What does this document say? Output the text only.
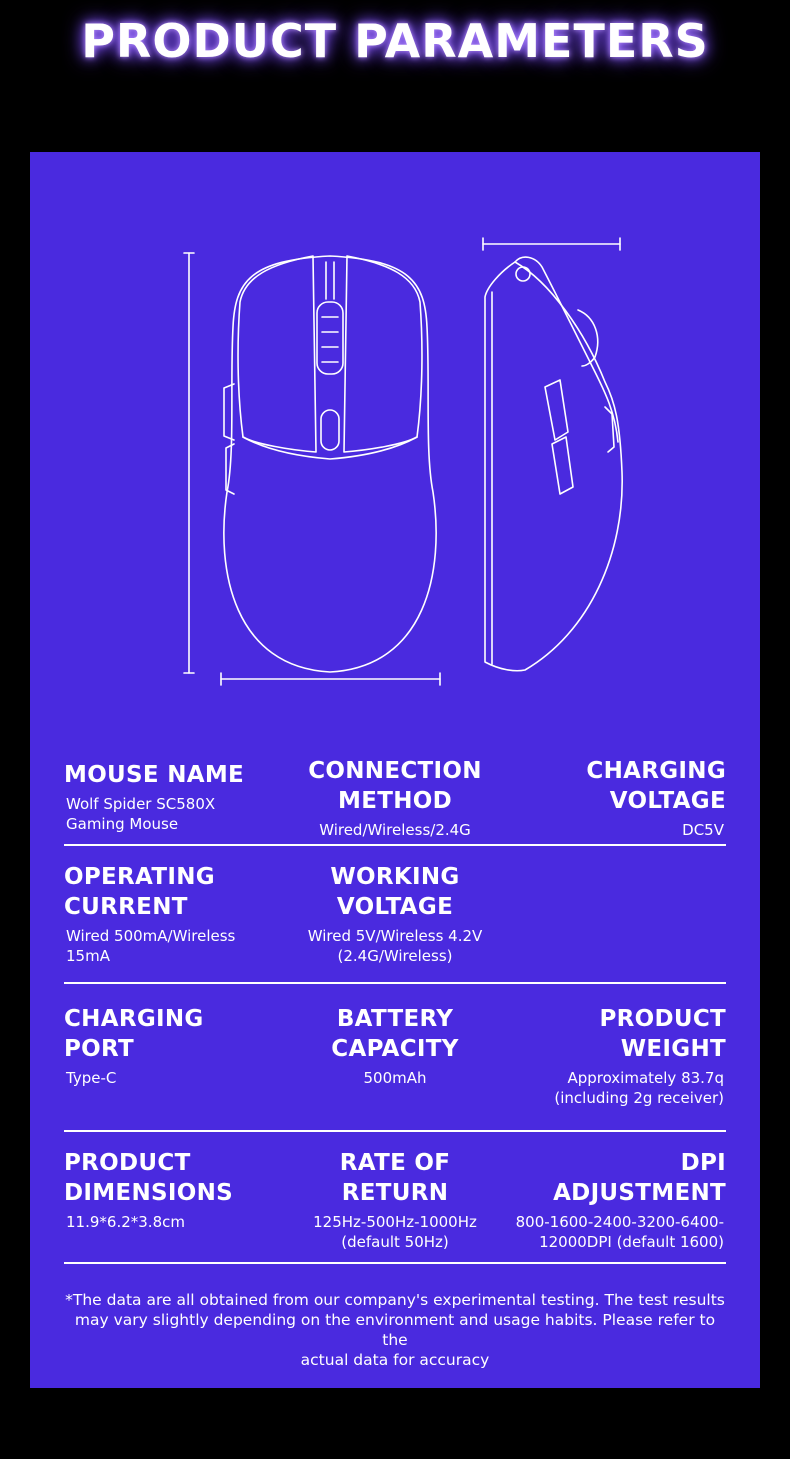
PRODUCT PARAMETERS
MOUSE NAME
Wolf Spider SC580X
Gaming Mouse
CONNECTION
METHOD
Wired/Wireless/2.4G
CHARGING
VOLTAGE
DC5V
OPERATING
CURRENT
Wired 500mA/Wireless
15mA
WORKING
VOLTAGE
Wired 5V/Wireless 4.2V
(2.4G/Wireless)
CHARGING
PORT
Type-C
BATTERY
CAPACITY
500mAh
PRODUCT
WEIGHT
Approximately 83.7q
(including 2g receiver)
PRODUCT
DIMENSIONS
11.9*6.2*3.8cm
RATE OF
RETURN
125Hz-500Hz-1000Hz
(default 50Hz)
DPI
ADJUSTMENT
800-1600-2400-3200-6400-
12000DPI (default 1600)
*The data are all obtained from our company's experimental testing. The test results
may vary slightly depending on the environment and usage habits. Please refer to the
actual data for accuracy
